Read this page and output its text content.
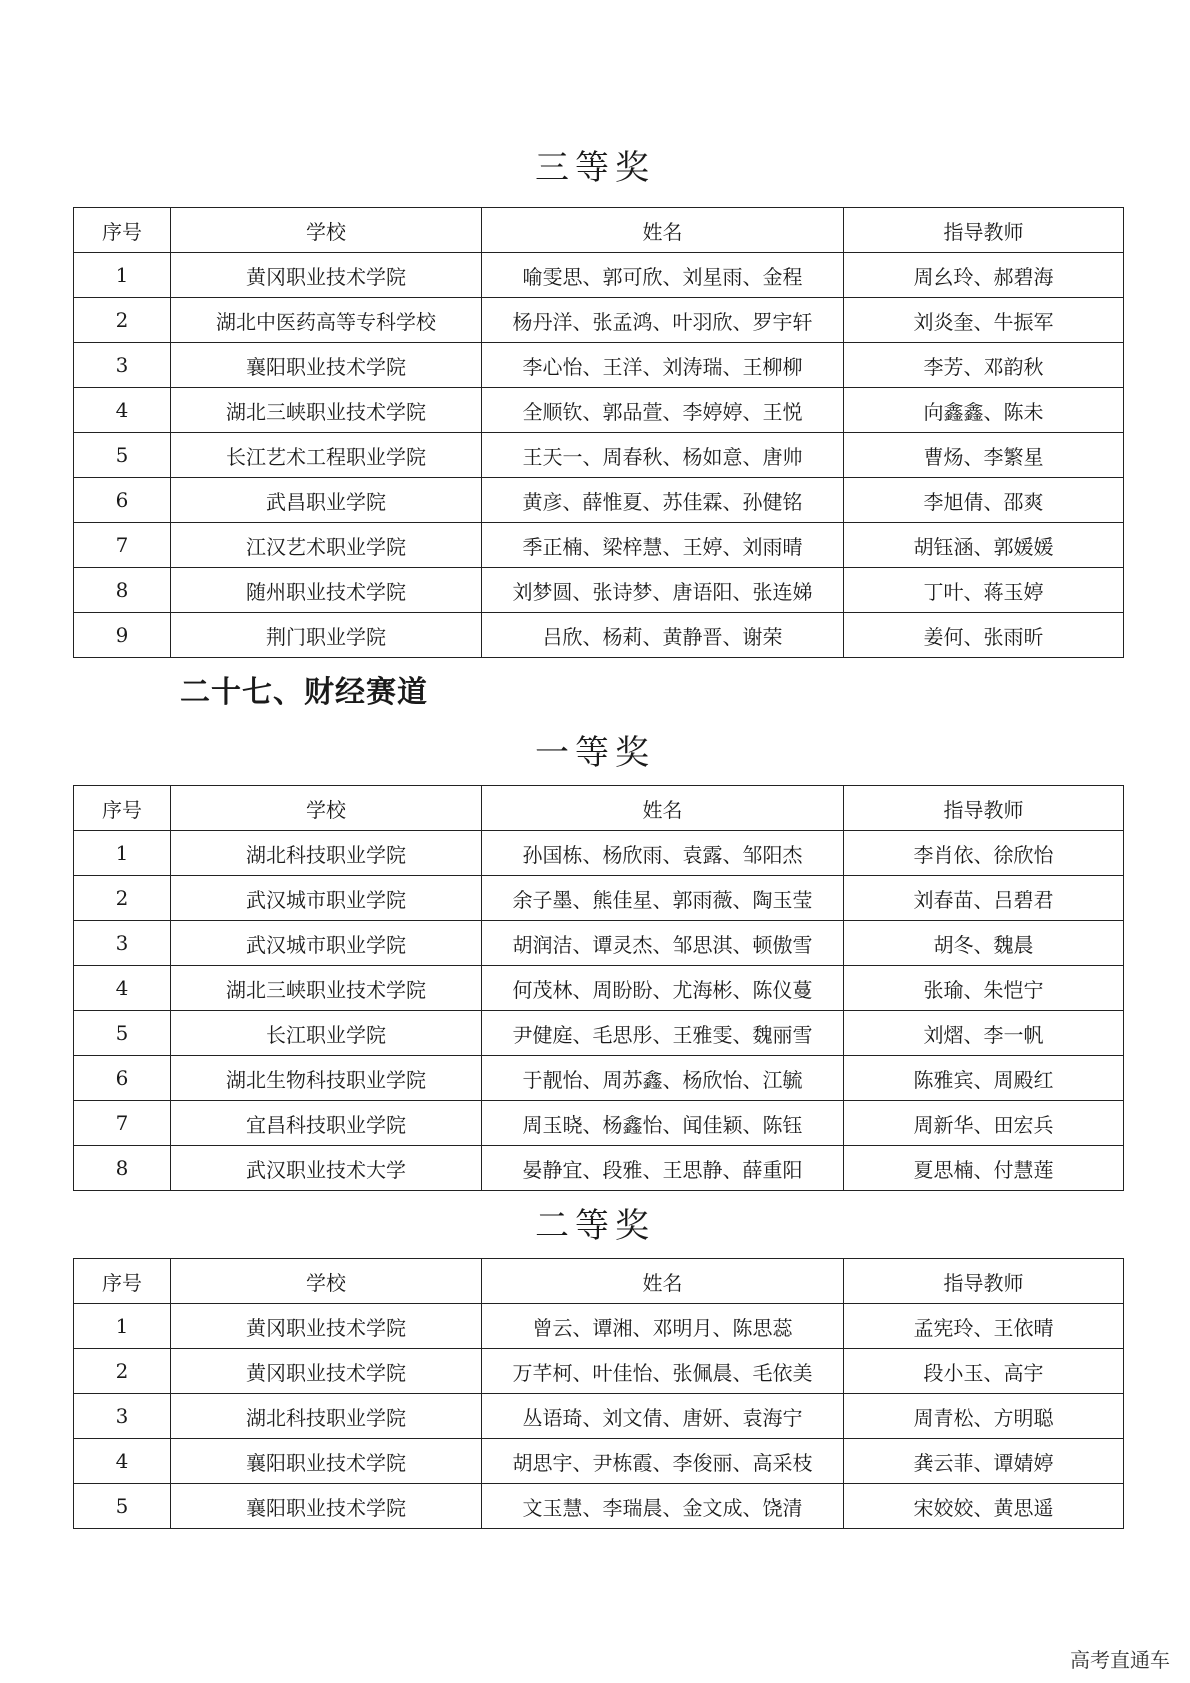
三等奖
序号	学校	姓名	指导教师
1	黄冈职业技术学院	喻雯思、郭可欣、刘星雨、金程	周幺玲、郝碧海
2	湖北中医药高等专科学校	杨丹洋、张孟鸿、叶羽欣、罗宇轩	刘炎奎、牛振军
3	襄阳职业技术学院	李心怡、王洋、刘涛瑞、王柳柳	李芳、邓韵秋
4	湖北三峡职业技术学院	全顺钦、郭品萱、李婷婷、王悦	向鑫鑫、陈未
5	长江艺术工程职业学院	王天一、周春秋、杨如意、唐帅	曹炀、李繁星
6	武昌职业学院	黄彦、薛惟夏、苏佳霖、孙健铭	李旭倩、邵爽
7	江汉艺术职业学院	季正楠、梁梓慧、王婷、刘雨晴	胡钰涵、郭媛媛
8	随州职业技术学院	刘梦圆、张诗梦、唐语阳、张连娣	丁叶、蒋玉婷
9	荆门职业学院	吕欣、杨莉、黄静晋、谢荣	姜何、张雨昕
二十七、财经赛道
一等奖
序号	学校	姓名	指导教师
1	湖北科技职业学院	孙国栋、杨欣雨、袁露、邹阳杰	李肖依、徐欣怡
2	武汉城市职业学院	余子墨、熊佳星、郭雨薇、陶玉莹	刘春苗、吕碧君
3	武汉城市职业学院	胡润洁、谭灵杰、邹思淇、顿傲雪	胡冬、魏晨
4	湖北三峡职业技术学院	何茂林、周盼盼、尤海彬、陈仪蔓	张瑜、朱恺宁
5	长江职业学院	尹健庭、毛思彤、王雅雯、魏丽雪	刘熠、李一帆
6	湖北生物科技职业学院	于靓怡、周苏鑫、杨欣怡、江毓	陈雅宾、周殿红
7	宜昌科技职业学院	周玉晓、杨鑫怡、闻佳颖、陈钰	周新华、田宏兵
8	武汉职业技术大学	晏静宜、段雅、王思静、薛重阳	夏思楠、付慧莲
二等奖
序号	学校	姓名	指导教师
1	黄冈职业技术学院	曾云、谭湘、邓明月、陈思蕊	孟宪玲、王依晴
2	黄冈职业技术学院	万芊柯、叶佳怡、张佩晨、毛依美	段小玉、高宇
3	湖北科技职业学院	丛语琦、刘文倩、唐妍、袁海宁	周青松、方明聪
4	襄阳职业技术学院	胡思宇、尹栋霞、李俊丽、高采枝	龚云菲、谭婧婷
5	襄阳职业技术学院	文玉慧、李瑞晨、金文成、饶清	宋姣姣、黄思遥

高考直通车
